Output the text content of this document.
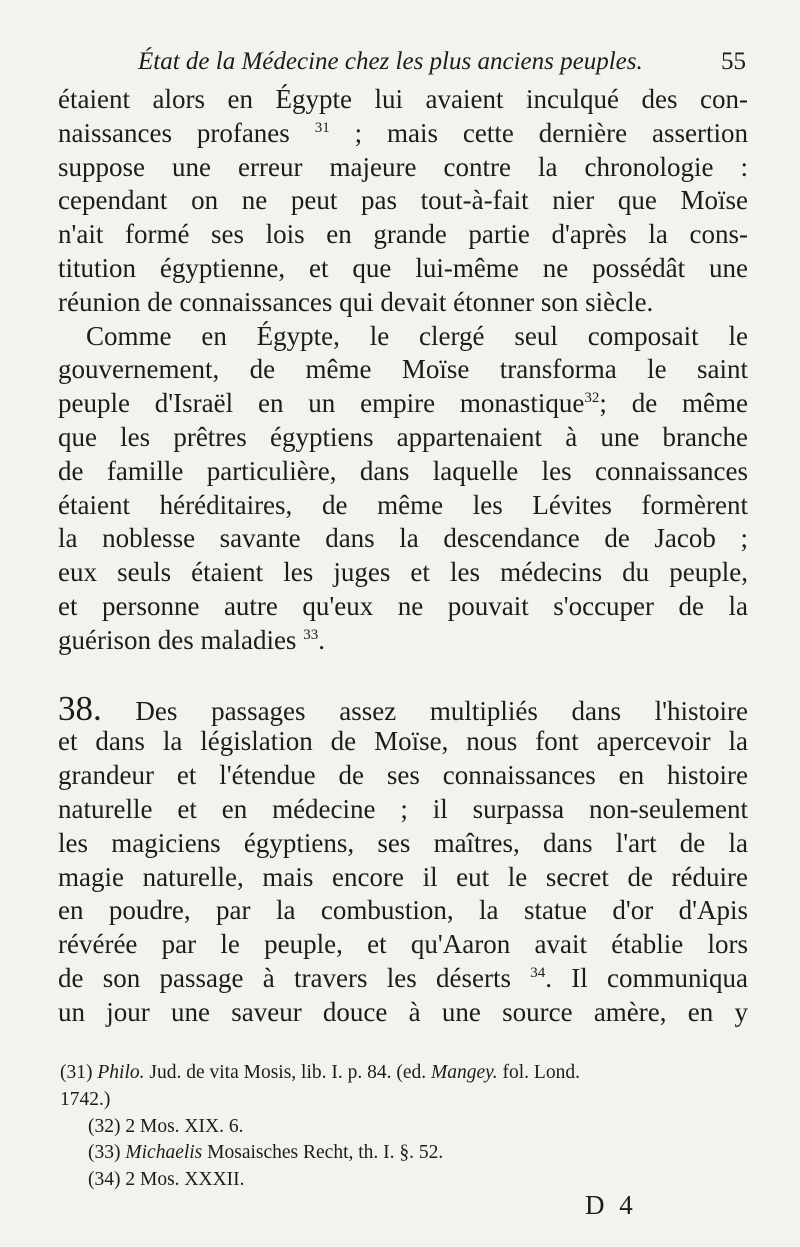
État de la Médecine chez les plus anciens peuples.	55
étaient alors en Égypte lui avaient inculqué des con-
naissances profanes $^{31}$ ; mais cette dernière assertion
suppose une erreur majeure contre la chronologie :
cependant on ne peut pas tout-à-fait nier que Moïse
n'ait formé ses lois en grande partie d'après la cons-
titution égyptienne, et que lui-même ne possédât une
réunion de connaissances qui devait étonner son siècle.
Comme en Égypte, le clergé seul composait le
gouvernement, de même Moïse transforma le saint
peuple d'Israël en un empire monastique$^{32}$; de même
que les prêtres égyptiens appartenaient à une branche
de famille particulière, dans laquelle les connaissances
étaient héréditaires, de même les Lévites formèrent
la noblesse savante dans la descendance de Jacob ;
eux seuls étaient les juges et les médecins du peuple,
et personne autre qu'eux ne pouvait s'occuper de la
guérison des maladies $^{33}$.
38. Des passages assez multipliés dans l'histoire
et dans la législation de Moïse, nous font apercevoir la
grandeur et l'étendue de ses connaissances en histoire
naturelle et en médecine ; il surpassa non-seulement
les magiciens égyptiens, ses maîtres, dans l'art de la
magie naturelle, mais encore il eut le secret de réduire
en poudre, par la combustion, la statue d'or d'Apis
révérée par le peuple, et qu'Aaron avait établie lors
de son passage à travers les déserts $^{34}$. Il communiqua
un jour une saveur douce à une source amère, en y
(31) Philo. Jud. de vita Mosis, lib. I. p. 84. (ed. Mangey. fol. Lond.
1742.)
(32) 2 Mos. XIX. 6.
(33) Michaelis Mosaisches Recht, th. I. §. 52.
(34) 2 Mos. XXXII.
D 4
